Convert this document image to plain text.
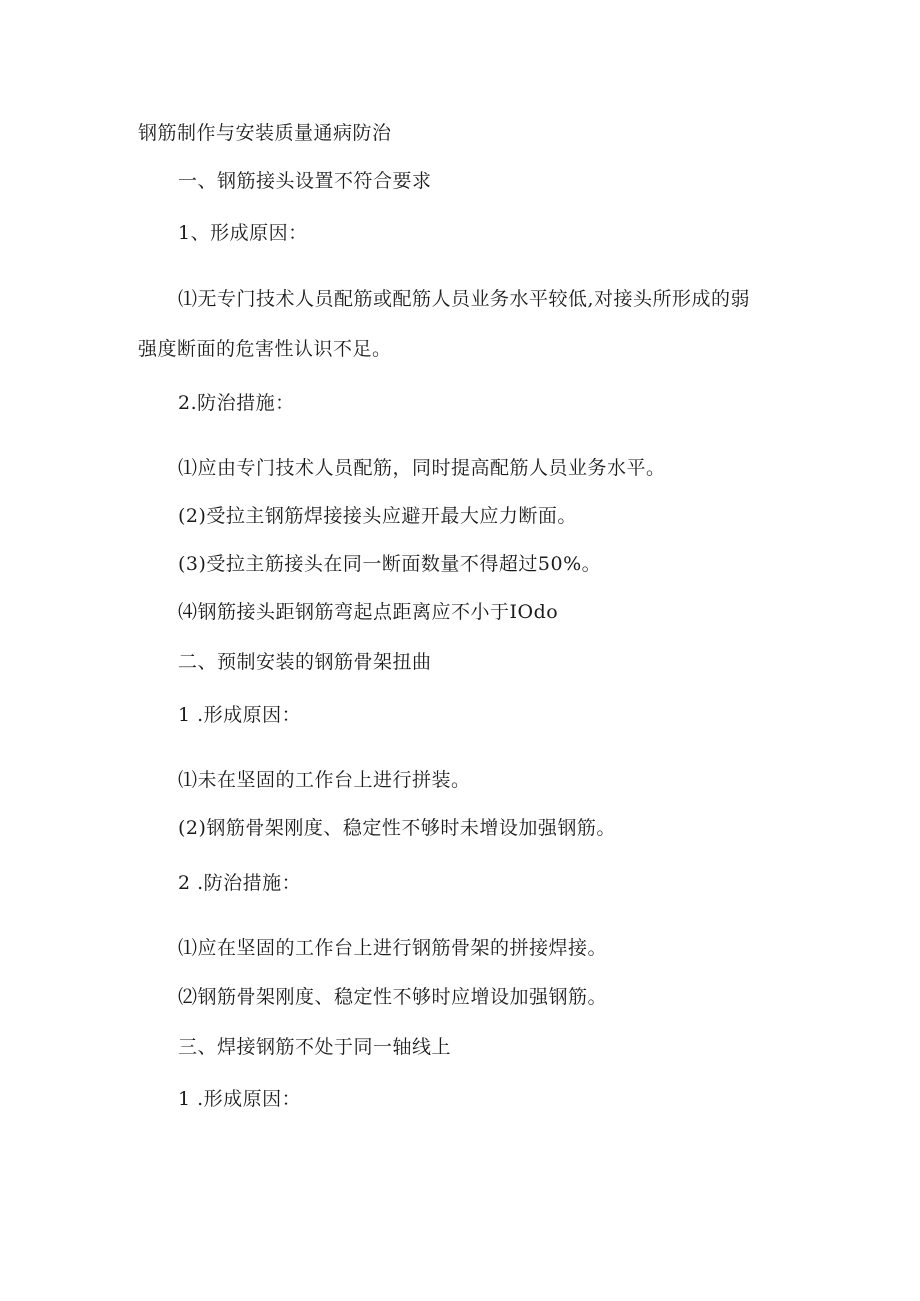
钢筋制作与安装质量通病防治
一、钢筋接头设置不符合要求
1、形成原因：
⑴无专门技术人员配筋或配筋人员业务水平较低,对接头所形成的弱
强度断面的危害性认识不足。
2.防治措施：
⑴应由专门技术人员配筋，同时提高配筋人员业务水平。
(2)受拉主钢筋焊接接头应避开最大应力断面。
(3)受拉主筋接头在同一断面数量不得超过50%。
⑷钢筋接头距钢筋弯起点距离应不小于IOdo
二、预制安装的钢筋骨架扭曲
1 .形成原因：
⑴未在坚固的工作台上进行拼装。
(2)钢筋骨架刚度、稳定性不够时未增设加强钢筋。
2 .防治措施：
⑴应在坚固的工作台上进行钢筋骨架的拼接焊接。
⑵钢筋骨架刚度、稳定性不够时应增设加强钢筋。
三、焊接钢筋不处于同一轴线上
1 .形成原因：
